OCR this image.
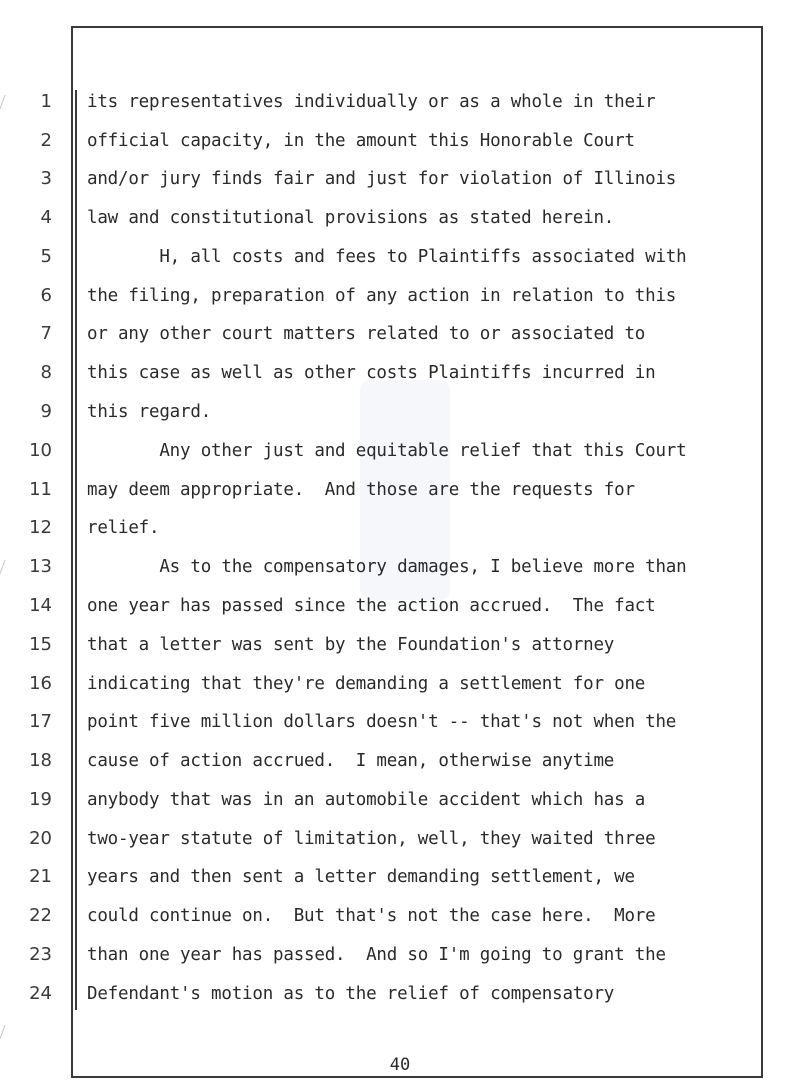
1
2
3
4
5
6
7
8
9
10
11
12
13
14
15
16
17
18
19
20
21
22
23
24
its representatives individually or as a whole in their
official capacity, in the amount this Honorable Court
and/or jury finds fair and just for violation of Illinois
law and constitutional provisions as stated herein.
H, all costs and fees to Plaintiffs associated with
the filing, preparation of any action in relation to this
or any other court matters related to or associated to
this case as well as other costs Plaintiffs incurred in
this regard.
Any other just and equitable relief that this Court
may deem appropriate.  And those are the requests for
relief.
As to the compensatory damages, I believe more than
one year has passed since the action accrued.  The fact
that a letter was sent by the Foundation's attorney
indicating that they're demanding a settlement for one
point five million dollars doesn't -- that's not when the
cause of action accrued.  I mean, otherwise anytime
anybody that was in an automobile accident which has a
two-year statute of limitation, well, they waited three
years and then sent a letter demanding settlement, we
could continue on.  But that's not the case here.  More
than one year has passed.  And so I'm going to grant the
Defendant's motion as to the relief of compensatory
40
